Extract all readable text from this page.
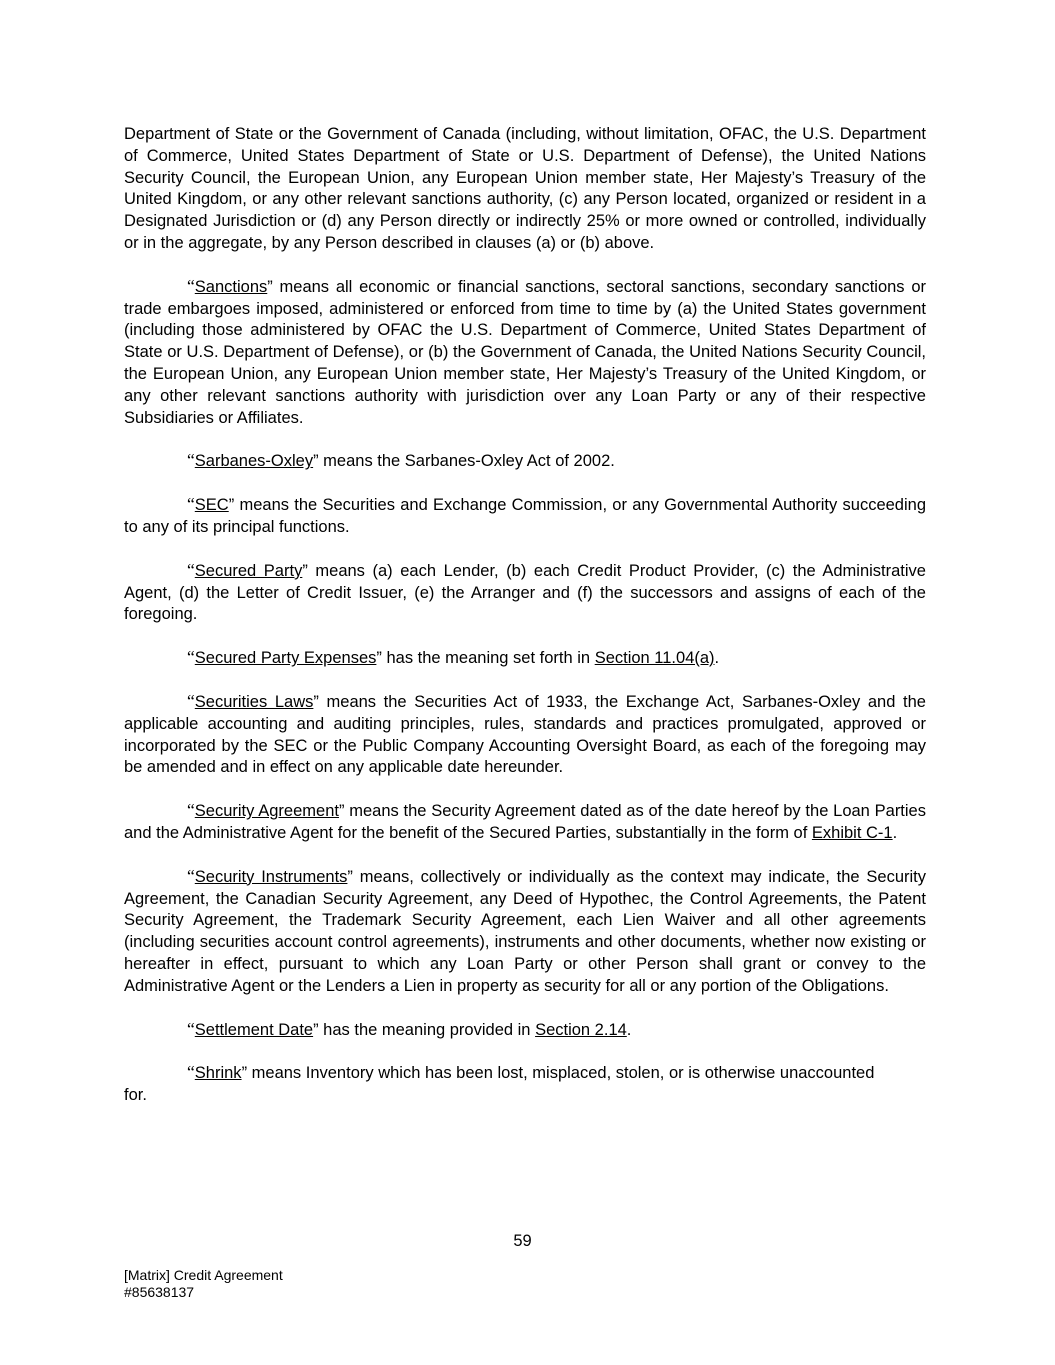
Department of State or the Government of Canada (including, without limitation, OFAC, the U.S. Department of Commerce, United States Department of State or U.S. Department of Defense), the United Nations Security Council, the European Union, any European Union member state, Her Majesty’s Treasury of the United Kingdom, or any other relevant sanctions authority, (c) any Person located, organized or resident in a Designated Jurisdiction or (d) any Person directly or indirectly 25% or more owned or controlled, individually or in the aggregate, by any Person described in clauses (a) or (b) above.

“Sanctions” means all economic or financial sanctions, sectoral sanctions, secondary sanctions or trade embargoes imposed, administered or enforced from time to time by (a) the United States government (including those administered by OFAC the U.S. Department of Commerce, United States Department of State or U.S. Department of Defense), or (b) the Government of Canada, the United Nations Security Council, the European Union, any European Union member state, Her Majesty’s Treasury of the United Kingdom, or any other relevant sanctions authority with jurisdiction over any Loan Party or any of their respective Subsidiaries or Affiliates.

“Sarbanes-Oxley” means the Sarbanes-Oxley Act of 2002.

“SEC” means the Securities and Exchange Commission, or any Governmental Authority succeeding to any of its principal functions.

“Secured Party” means (a) each Lender, (b) each Credit Product Provider, (c) the Administrative Agent, (d) the Letter of Credit Issuer, (e) the Arranger and (f) the successors and assigns of each of the foregoing.

“Secured Party Expenses” has the meaning set forth in Section 11.04(a).

“Securities Laws” means the Securities Act of 1933, the Exchange Act, Sarbanes-Oxley and the applicable accounting and auditing principles, rules, standards and practices promulgated, approved or incorporated by the SEC or the Public Company Accounting Oversight Board, as each of the foregoing may be amended and in effect on any applicable date hereunder.

“Security Agreement” means the Security Agreement dated as of the date hereof by the Loan Parties and the Administrative Agent for the benefit of the Secured Parties, substantially in the form of Exhibit C-1.

“Security Instruments” means, collectively or individually as the context may indicate, the Security Agreement, the Canadian Security Agreement, any Deed of Hypothec, the Control Agreements, the Patent Security Agreement, the Trademark Security Agreement, each Lien Waiver and all other agreements (including securities account control agreements), instruments and other documents, whether now existing or hereafter in effect, pursuant to which any Loan Party or other Person shall grant or convey to the Administrative Agent or the Lenders a Lien in property as security for all or any portion of the Obligations.

“Settlement Date” has the meaning provided in Section 2.14.

“Shrink” means Inventory which has been lost, misplaced, stolen, or is otherwise unaccounted
for.

59
[Matrix] Credit Agreement
#85638137
